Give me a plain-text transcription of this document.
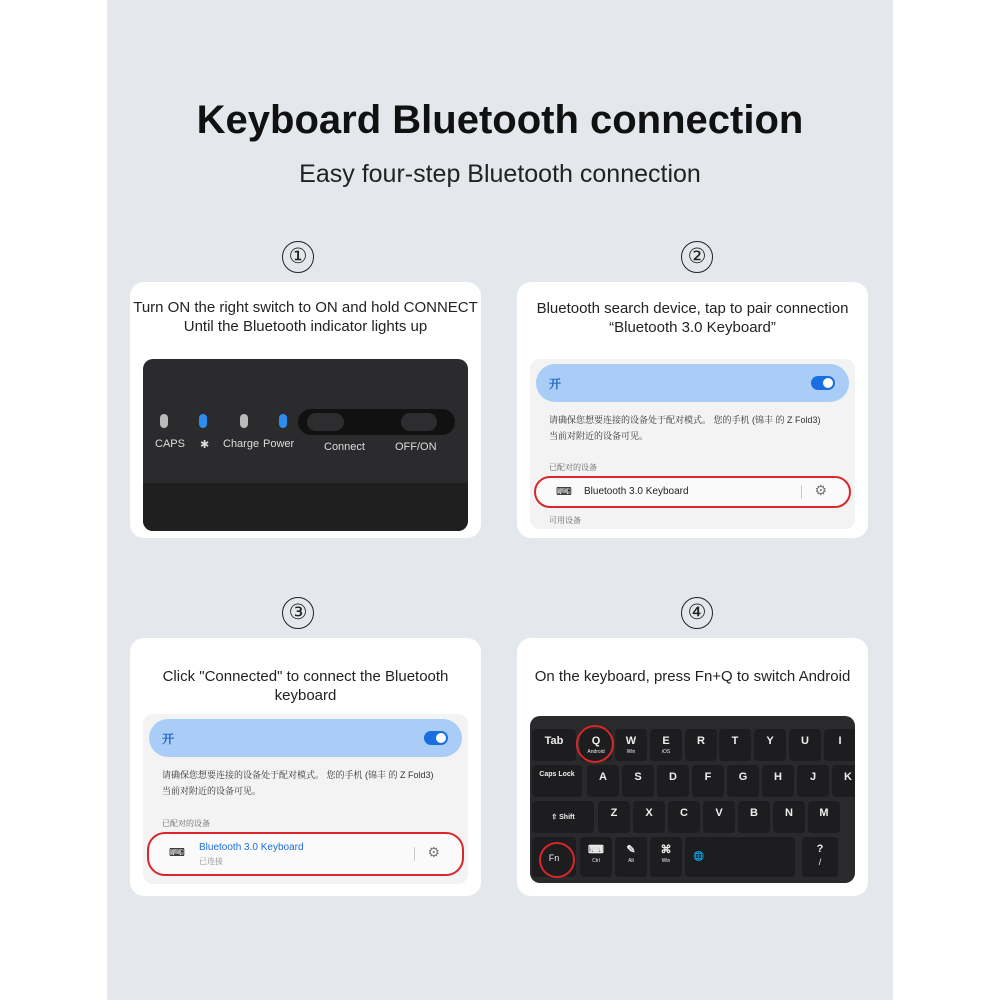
Keyboard Bluetooth connection
Easy four-step Bluetooth connection
①	②
③	④
Turn ON the right switch to ON and hold CONNECT
Until the Bluetooth indicator lights up
CAPS ✱ Charge Power	Connect	OFF/ON
Bluetooth search device, tap to pair connection
“Bluetooth 3.0 Keyboard”
开
请确保您想要连接的设备处于配对模式。 您的手机 (锦丰 的 Z Fold3)
当前对附近的设备可见。
已配对的设备
⌨ Bluetooth 3.0 Keyboard	⚙
可用设备
Click "Connected" to connect the Bluetooth keyboard
开
请确保您想要连接的设备处于配对模式。 您的手机 (锦丰 的 Z Fold3)
当前对附近的设备可见。
已配对的设备
⌨ Bluetooth 3.0 Keyboard
已连接
⚙
On the keyboard, press Fn+Q to switch Android
Tab	Q
Android
W
Win
E
iOS
R	T	Y	U	I
Caps Lock	A	S	D	F	G	H	J	K
⇧ Shift	Z	X	C	V	B	N	M
Fn
⌨
Ctrl
✎
Alt
⌘
Win	🌐
?
/
